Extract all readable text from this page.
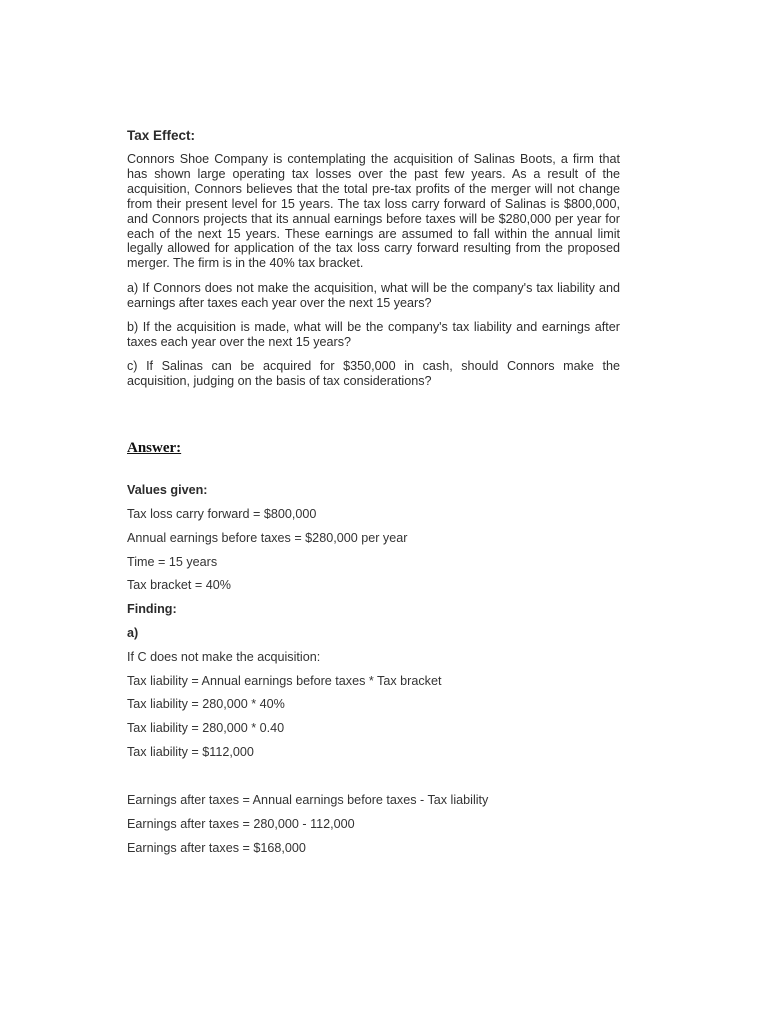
Tax Effect:

Connors Shoe Company is contemplating the acquisition of Salinas Boots, a firm that has shown large operating tax losses over the past few years. As a result of the acquisition, Connors believes that the total pre-tax profits of the merger will not change from their present level for 15 years. The tax loss carry forward of Salinas is $800,000, and Connors projects that its annual earnings before taxes will be $280,000 per year for each of the next 15 years. These earnings are assumed to fall within the annual limit legally allowed for application of the tax loss carry forward resulting from the proposed merger. The firm is in the 40% tax bracket.

a) If Connors does not make the acquisition, what will be the company's tax liability and earnings after taxes each year over the next 15 years?

b) If the acquisition is made, what will be the company's tax liability and earnings after taxes each year over the next 15 years?

c) If Salinas can be acquired for $350,000 in cash, should Connors make the acquisition, judging on the basis of tax considerations?

Answer:
Values given:
Tax loss carry forward = $800,000
Annual earnings before taxes = $280,000 per year
Time = 15 years
Tax bracket = 40%
Finding:
a)
If C does not make the acquisition:
Tax liability = Annual earnings before taxes * Tax bracket
Tax liability = 280,000 * 40%
Tax liability = 280,000 * 0.40
Tax liability = $112,000
Earnings after taxes = Annual earnings before taxes - Tax liability
Earnings after taxes = 280,000 - 112,000
Earnings after taxes = $168,000
